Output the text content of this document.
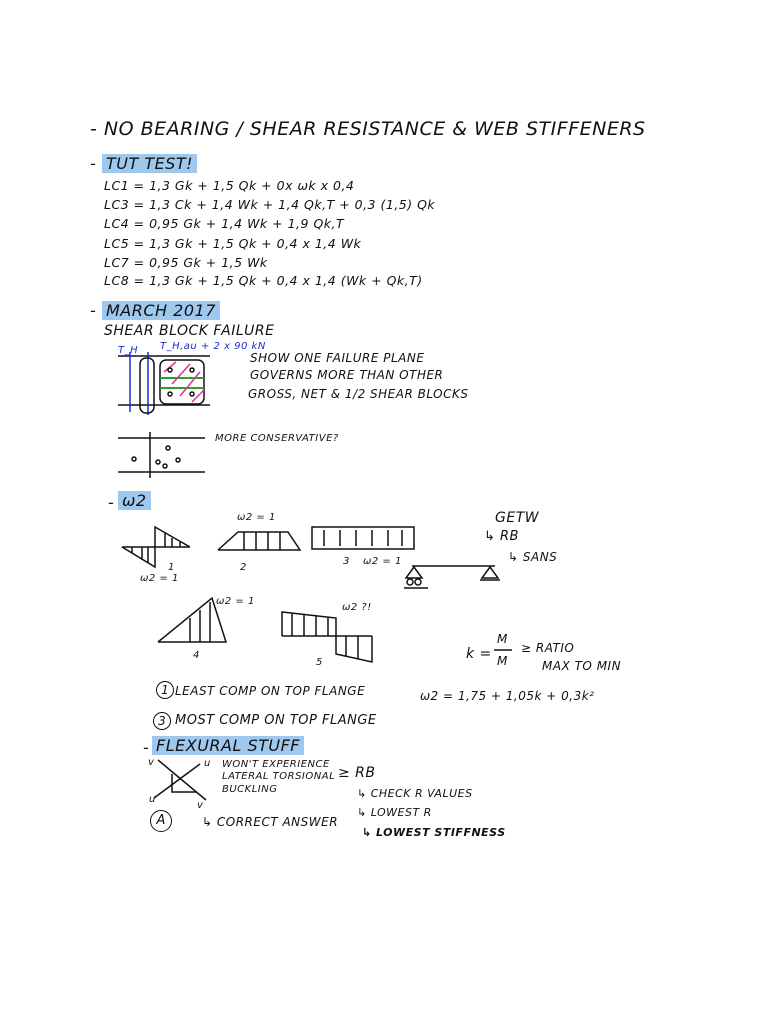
- NO BEARING / SHEAR RESISTANCE & WEB STIFFENERS
- TUT TEST!
LC1 = 1,3 Gk + 1,5 Qk + 0x ωk x 0,4
LC3 = 1,3 Ck + 1,4 Wk + 1,4 Qk,T + 0,3 (1,5) Qk
LC4 = 0,95 Gk + 1,4 Wk + 1,9 Qk,T
LC5 = 1,3 Gk + 1,5 Qk + 0,4 x 1,4 Wk
LC7 = 0,95 Gk + 1,5 Wk
LC8 = 1,3 Gk + 1,5 Qk + 0,4 x 1,4 (Wk + Qk,T)
- MARCH 2017
SHEAR BLOCK FAILURE
T_H T_H,au + 2 x 90 kN
SHOW ONE FAILURE PLANE
GOVERNS MORE THAN OTHER
GROSS, NET & 1/2 SHEAR BLOCKS
MORE CONSERVATIVE?
- ω2
ω2 = 1
1
ω2 = 1
2
3 ω2 = 1
ω2 = 1
4
ω2 ?!
5
GETW
↳ RB
↳ SANS
k =
M
M
≥ RATIO
MAX TO MIN
ω2 = 1,75 + 1,05k + 0,3k²
1 LEAST COMP ON TOP FLANGE
3 MOST COMP ON TOP FLANGE
- FLEXURAL STUFF
v	u
u
v
WON'T EXPERIENCE
LATERAL TORSIONAL
BUCKLING
A	↳ CORRECT ANSWER
≥ RB
↳ CHECK R VALUES
↳ LOWEST R
↳ LOWEST STIFFNESS
